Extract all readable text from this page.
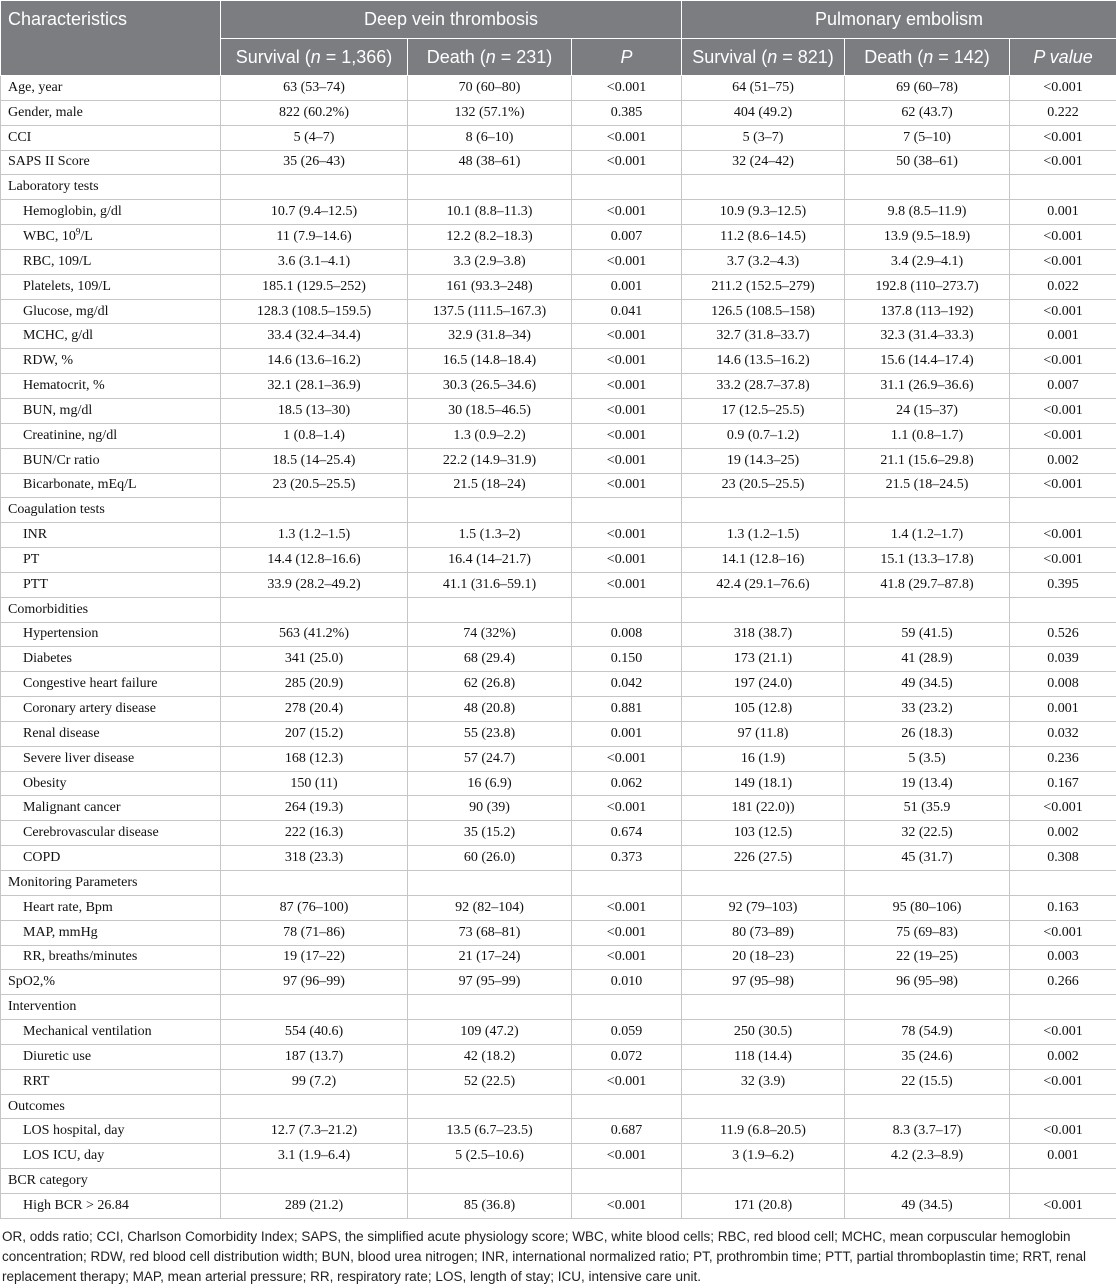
Characteristics	Deep vein thrombosis			Pulmonary embolism		
	Survival (n = 1,366)	Death (n = 231)	P	Survival (n = 821)	Death (n = 142)	P value
Age, year	63 (53–74)	70 (60–80)	<0.001	64 (51–75)	69 (60–78)	<0.001
Gender, male	822 (60.2%)	132 (57.1%)	0.385	404 (49.2)	62 (43.7)	0.222
CCI	5 (4–7)	8 (6–10)	<0.001	5 (3–7)	7 (5–10)	<0.001
SAPS II Score	35 (26–43)	48 (38–61)	<0.001	32 (24–42)	50 (38–61)	<0.001
Laboratory tests						
Hemoglobin, g/dl	10.7 (9.4–12.5)	10.1 (8.8–11.3)	<0.001	10.9 (9.3–12.5)	9.8 (8.5–11.9)	0.001
WBC, $10^9/L$	11 (7.9–14.6)	12.2 (8.2–18.3)	0.007	11.2 (8.6–14.5)	13.9 (9.5–18.9)	<0.001
RBC, 109/L	3.6 (3.1–4.1)	3.3 (2.9–3.8)	<0.001	3.7 (3.2–4.3)	3.4 (2.9–4.1)	<0.001
Platelets, 109/L	185.1 (129.5–252)	161 (93.3–248)	0.001	211.2 (152.5–279)	192.8 (110–273.7)	0.022
Glucose, mg/dl	128.3 (108.5–159.5)	137.5 (111.5–167.3)	0.041	126.5 (108.5–158)	137.8 (113–192)	<0.001
MCHC, g/dl	33.4 (32.4–34.4)	32.9 (31.8–34)	<0.001	32.7 (31.8–33.7)	32.3 (31.4–33.3)	0.001
RDW, %	14.6 (13.6–16.2)	16.5 (14.8–18.4)	<0.001	14.6 (13.5–16.2)	15.6 (14.4–17.4)	<0.001
Hematocrit, %	32.1 (28.1–36.9)	30.3 (26.5–34.6)	<0.001	33.2 (28.7–37.8)	31.1 (26.9–36.6)	0.007
BUN, mg/dl	18.5 (13–30)	30 (18.5–46.5)	<0.001	17 (12.5–25.5)	24 (15–37)	<0.001
Creatinine, ng/dl	1 (0.8–1.4)	1.3 (0.9–2.2)	<0.001	0.9 (0.7–1.2)	1.1 (0.8–1.7)	<0.001
BUN/Cr ratio	18.5 (14–25.4)	22.2 (14.9–31.9)	<0.001	19 (14.3–25)	21.1 (15.6–29.8)	0.002
Bicarbonate, mEq/L	23 (20.5–25.5)	21.5 (18–24)	<0.001	23 (20.5–25.5)	21.5 (18–24.5)	<0.001
Coagulation tests						
INR	1.3 (1.2–1.5)	1.5 (1.3–2)	<0.001	1.3 (1.2–1.5)	1.4 (1.2–1.7)	<0.001
PT	14.4 (12.8–16.6)	16.4 (14–21.7)	<0.001	14.1 (12.8–16)	15.1 (13.3–17.8)	<0.001
PTT	33.9 (28.2–49.2)	41.1 (31.6–59.1)	<0.001	42.4 (29.1–76.6)	41.8 (29.7–87.8)	0.395
Comorbidities						
Hypertension	563 (41.2%)	74 (32%)	0.008	318 (38.7)	59 (41.5)	0.526
Diabetes	341 (25.0)	68 (29.4)	0.150	173 (21.1)	41 (28.9)	0.039
Congestive heart failure	285 (20.9)	62 (26.8)	0.042	197 (24.0)	49 (34.5)	0.008
Coronary artery disease	278 (20.4)	48 (20.8)	0.881	105 (12.8)	33 (23.2)	0.001
Renal disease	207 (15.2)	55 (23.8)	0.001	97 (11.8)	26 (18.3)	0.032
Severe liver disease	168 (12.3)	57 (24.7)	<0.001	16 (1.9)	5 (3.5)	0.236
Obesity	150 (11)	16 (6.9)	0.062	149 (18.1)	19 (13.4)	0.167
Malignant cancer	264 (19.3)	90 (39)	<0.001	181 (22.0))	51 (35.9	<0.001
Cerebrovascular disease	222 (16.3)	35 (15.2)	0.674	103 (12.5)	32 (22.5)	0.002
COPD	318 (23.3)	60 (26.0)	0.373	226 (27.5)	45 (31.7)	0.308
Monitoring Parameters						
Heart rate, Bpm	87 (76–100)	92 (82–104)	<0.001	92 (79–103)	95 (80–106)	0.163
MAP, mmHg	78 (71–86)	73 (68–81)	<0.001	80 (73–89)	75 (69–83)	<0.001
RR, breaths/minutes	19 (17–22)	21 (17–24)	<0.001	20 (18–23)	22 (19–25)	0.003
SpO2,%	97 (96–99)	97 (95–99)	0.010	97 (95–98)	96 (95–98)	0.266
Intervention						
Mechanical ventilation	554 (40.6)	109 (47.2)	0.059	250 (30.5)	78 (54.9)	<0.001
Diuretic use	187 (13.7)	42 (18.2)	0.072	118 (14.4)	35 (24.6)	0.002
RRT	99 (7.2)	52 (22.5)	<0.001	32 (3.9)	22 (15.5)	<0.001
Outcomes						
LOS hospital, day	12.7 (7.3–21.2)	13.5 (6.7–23.5)	0.687	11.9 (6.8–20.5)	8.3 (3.7–17)	<0.001
LOS ICU, day	3.1 (1.9–6.4)	5 (2.5–10.6)	<0.001	3 (1.9–6.2)	4.2 (2.3–8.9)	0.001
BCR category						
High BCR > 26.84	289 (21.2)	85 (36.8)	<0.001	171 (20.8)	49 (34.5)	<0.001
OR, odds ratio; CCI, Charlson Comorbidity Index; SAPS, the simplified acute physiology score; WBC, white blood cells; RBC, red blood cell; MCHC, mean corpuscular hemoglobin concentration; RDW, red blood cell distribution width; BUN, blood urea nitrogen; INR, international normalized ratio; PT, prothrombin time; PTT, partial thromboplastin time; RRT, renal replacement therapy; MAP, mean arterial pressure; RR, respiratory rate; LOS, length of stay; ICU, intensive care unit.
